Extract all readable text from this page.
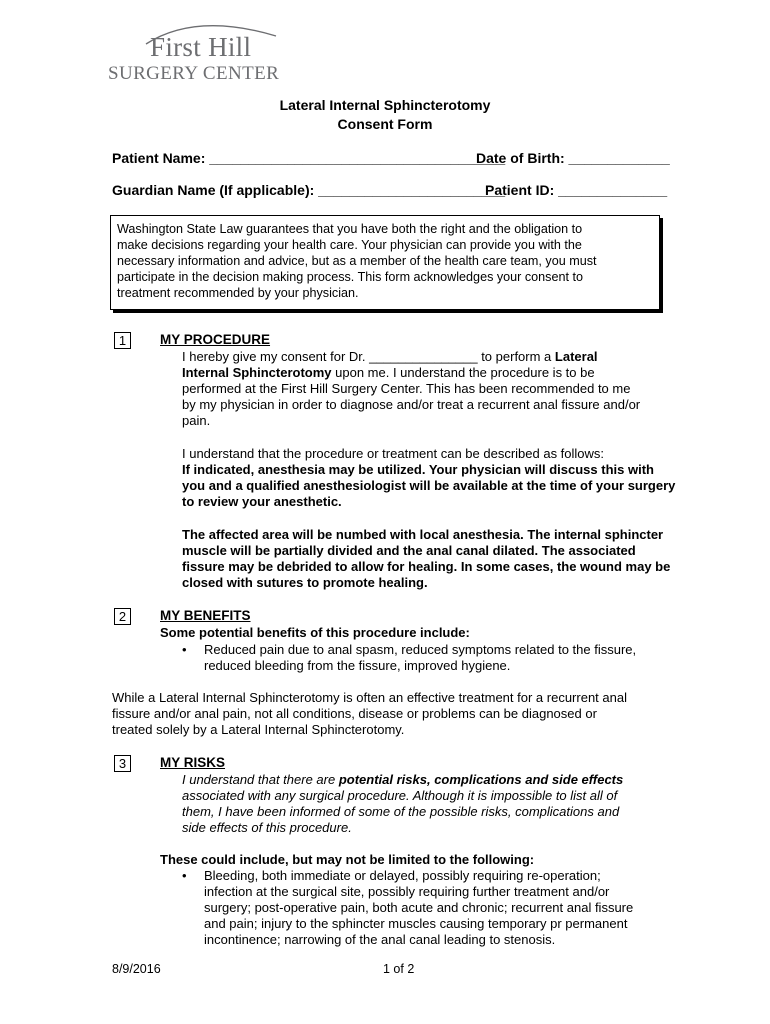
First Hill
SURGERY CENTER
Lateral Internal Sphincterotomy
Consent Form
Patient Name: ______________________________________
Date of Birth: _____________
Guardian Name (If applicable): ________________________
Patient ID: ______________
Washington State Law guarantees that you have both the right and the obligation to
make decisions regarding your health care. Your physician can provide you with the
necessary information and advice, but as a member of the health care team, you must
participate in the decision making process. This form acknowledges your consent to
treatment recommended by your physician.
1	MY PROCEDURE
I hereby give my consent for Dr. _______________ to perform a Lateral
Internal Sphincterotomy upon me. I understand the procedure is to be
performed at the First Hill Surgery Center. This has been recommended to me
by my physician in order to diagnose and/or treat a recurrent anal fissure and/or
pain.
I understand that the procedure or treatment can be described as follows:
If indicated, anesthesia may be utilized. Your physician will discuss this with
you and a qualified anesthesiologist will be available at the time of your surgery
to review your anesthetic.
The affected area will be numbed with local anesthesia. The internal sphincter
muscle will be partially divided and the anal canal dilated. The associated
fissure may be debrided to allow for healing. In some cases, the wound may be
closed with sutures to promote healing.
2	MY BENEFITS
Some potential benefits of this procedure include:
• Reduced pain due to anal spasm, reduced symptoms related to the fissure,
reduced bleeding from the fissure, improved hygiene.
While a Lateral Internal Sphincterotomy is often an effective treatment for a recurrent anal
fissure and/or anal pain, not all conditions, disease or problems can be diagnosed or
treated solely by a Lateral Internal Sphincterotomy.
3	MY RISKS
I understand that there are potential risks, complications and side effects
associated with any surgical procedure. Although it is impossible to list all of
them, I have been informed of some of the possible risks, complications and
side effects of this procedure.
These could include, but may not be limited to the following:
• Bleeding, both immediate or delayed, possibly requiring re-operation;
infection at the surgical site, possibly requiring further treatment and/or
surgery; post-operative pain, both acute and chronic; recurrent anal fissure
and pain; injury to the sphincter muscles causing temporary pr permanent
incontinence; narrowing of the anal canal leading to stenosis.
8/9/2016	1 of 2
